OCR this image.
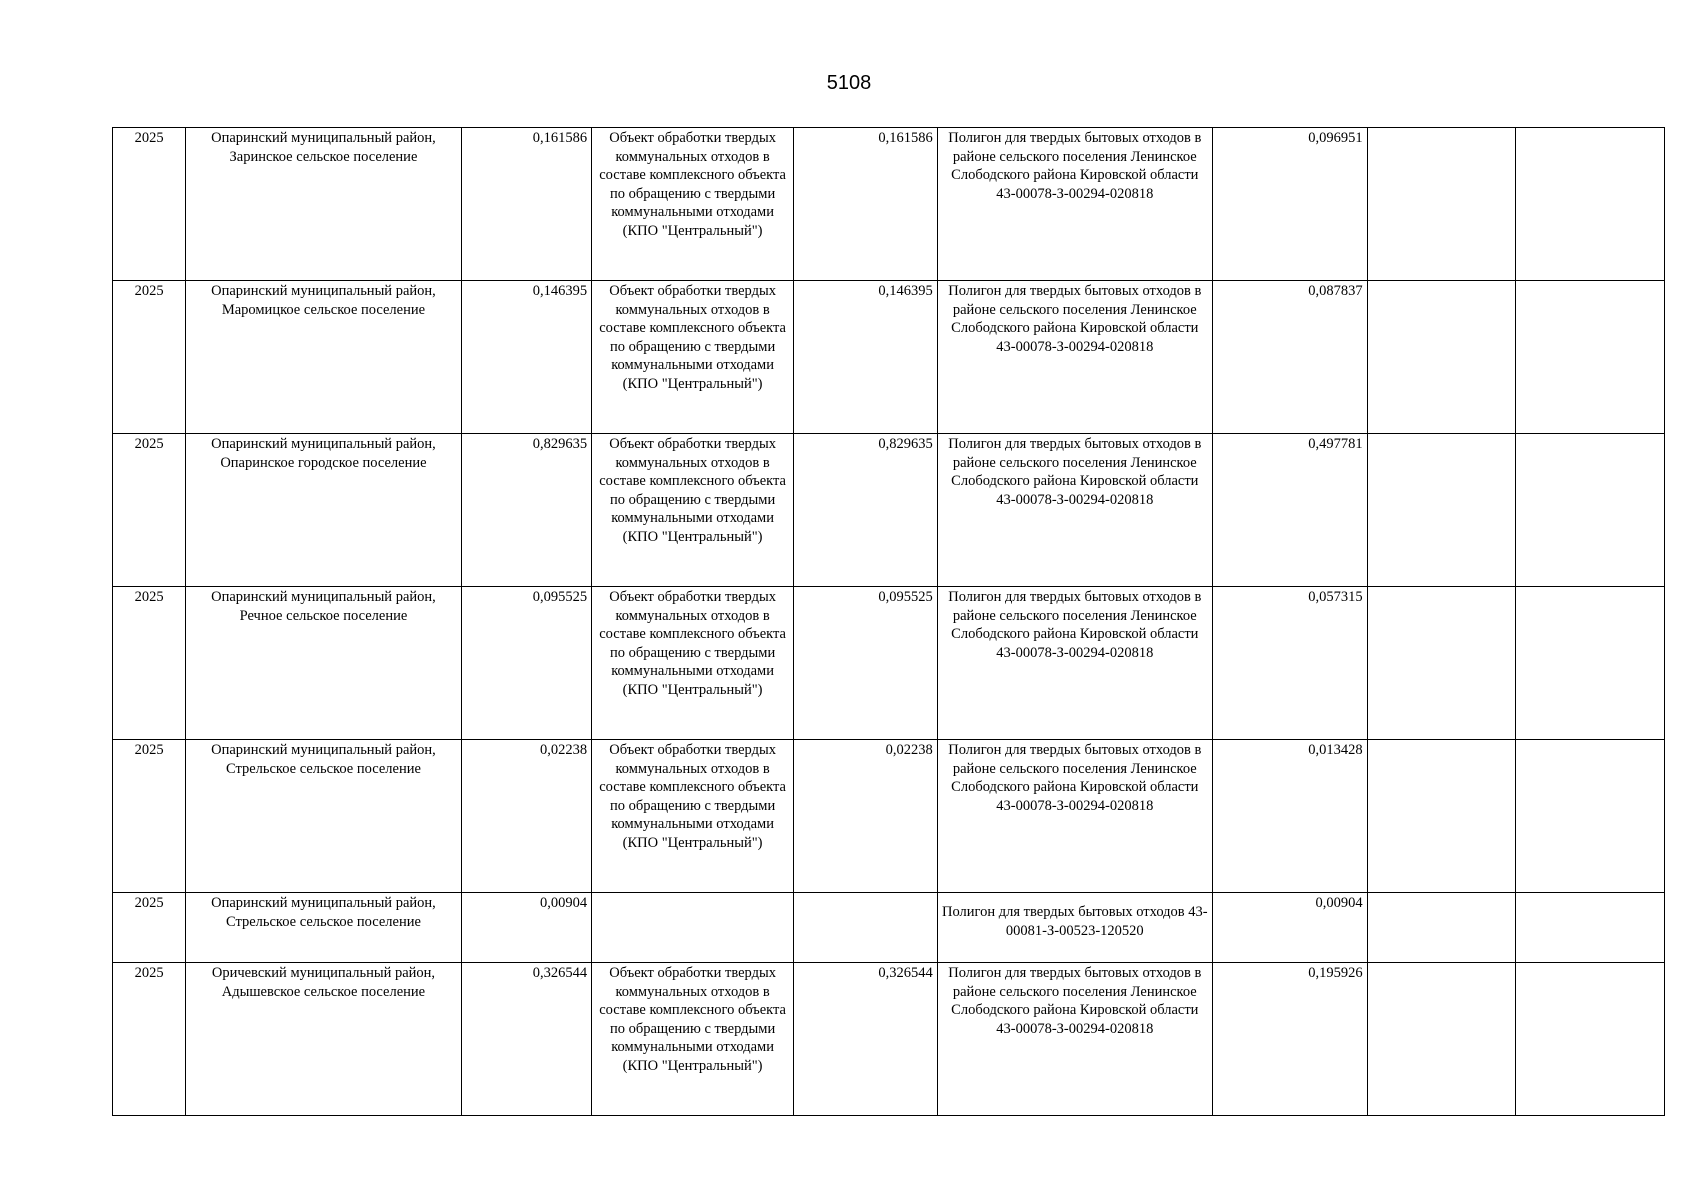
5108
2025	Опаринский муниципальный район, Заринское сельское поселение	0,161586	Объект обработки твердых коммунальных отходов в составе комплексного объекта по обращению с твердыми коммунальными отходами (КПО "Центральный")	0,161586	Полигон для твердых бытовых отходов в районе сельского поселения Ленинское Слободского района Кировской области 43-00078-З-00294-020818	0,096951		
2025	Опаринский муниципальный район, Маромицкое сельское поселение	0,146395	Объект обработки твердых коммунальных отходов в составе комплексного объекта по обращению с твердыми коммунальными отходами (КПО "Центральный")	0,146395	Полигон для твердых бытовых отходов в районе сельского поселения Ленинское Слободского района Кировской области 43-00078-З-00294-020818	0,087837		
2025	Опаринский муниципальный район, Опаринское городское поселение	0,829635	Объект обработки твердых коммунальных отходов в составе комплексного объекта по обращению с твердыми коммунальными отходами (КПО "Центральный")	0,829635	Полигон для твердых бытовых отходов в районе сельского поселения Ленинское Слободского района Кировской области 43-00078-З-00294-020818	0,497781		
2025	Опаринский муниципальный район, Речное сельское поселение	0,095525	Объект обработки твердых коммунальных отходов в составе комплексного объекта по обращению с твердыми коммунальными отходами (КПО "Центральный")	0,095525	Полигон для твердых бытовых отходов в районе сельского поселения Ленинское Слободского района Кировской области 43-00078-З-00294-020818	0,057315		
2025	Опаринский муниципальный район, Стрельское сельское поселение	0,02238	Объект обработки твердых коммунальных отходов в составе комплексного объекта по обращению с твердыми коммунальными отходами (КПО "Центральный")	0,02238	Полигон для твердых бытовых отходов в районе сельского поселения Ленинское Слободского района Кировской области 43-00078-З-00294-020818	0,013428		
2025	Опаринский муниципальный район, Стрельское сельское поселение	0,00904			Полигон для твердых бытовых отходов 43-00081-З-00523-120520	0,00904		
2025	Оричевский муниципальный район, Адышевское сельское поселение	0,326544	Объект обработки твердых коммунальных отходов в составе комплексного объекта по обращению с твердыми коммунальными отходами (КПО "Центральный")	0,326544	Полигон для твердых бытовых отходов в районе сельского поселения Ленинское Слободского района Кировской области 43-00078-З-00294-020818	0,195926		
